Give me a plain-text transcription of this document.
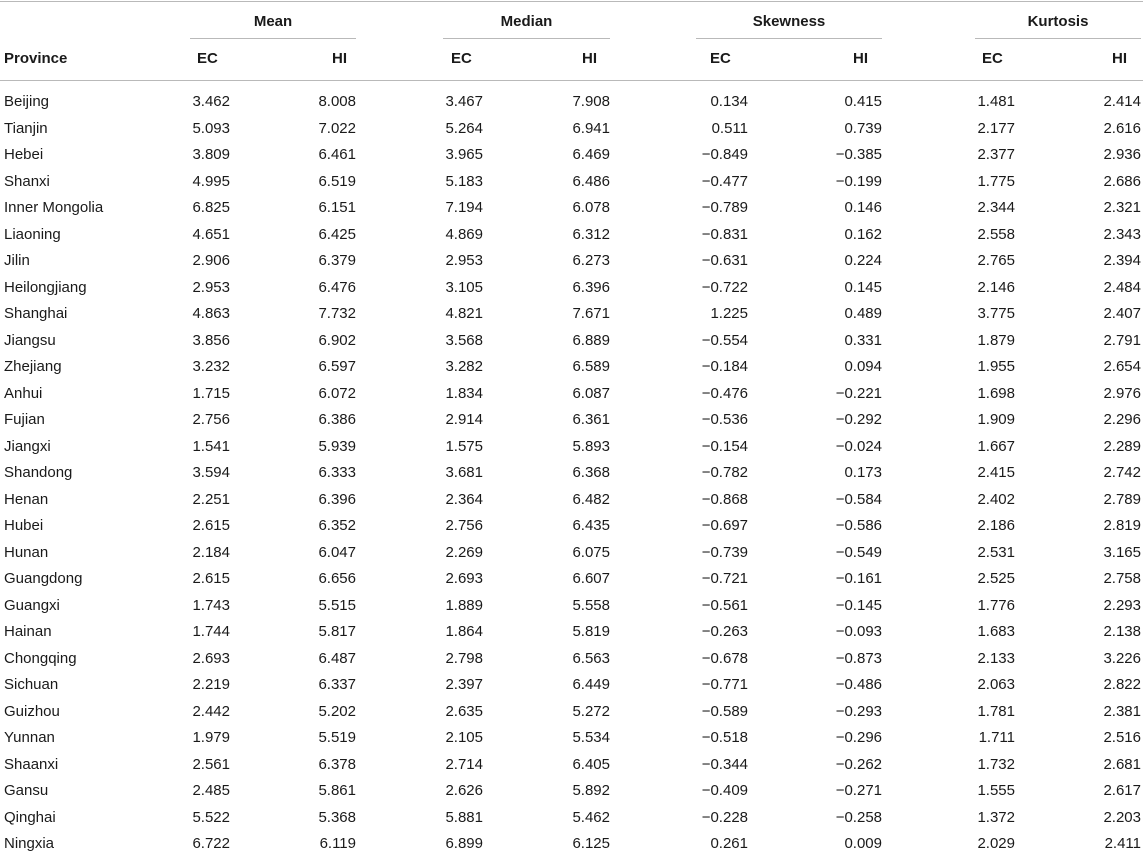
Mean	Median	Skewness	Kurtosis
Province	EC	HI	EC	HI	EC	HI	EC	HI
Beijing	3.462	8.008	3.467	7.908	0.134	0.415	1.481	2.414
Tianjin	5.093	7.022	5.264	6.941	0.511	0.739	2.177	2.616
Hebei	3.809	6.461	3.965	6.469	−0.849	−0.385	2.377	2.936
Shanxi	4.995	6.519	5.183	6.486	−0.477	−0.199	1.775	2.686
Inner Mongolia	6.825	6.151	7.194	6.078	−0.789	0.146	2.344	2.321
Liaoning	4.651	6.425	4.869	6.312	−0.831	0.162	2.558	2.343
Jilin	2.906	6.379	2.953	6.273	−0.631	0.224	2.765	2.394
Heilongjiang	2.953	6.476	3.105	6.396	−0.722	0.145	2.146	2.484
Shanghai	4.863	7.732	4.821	7.671	1.225	0.489	3.775	2.407
Jiangsu	3.856	6.902	3.568	6.889	−0.554	0.331	1.879	2.791
Zhejiang	3.232	6.597	3.282	6.589	−0.184	0.094	1.955	2.654
Anhui	1.715	6.072	1.834	6.087	−0.476	−0.221	1.698	2.976
Fujian	2.756	6.386	2.914	6.361	−0.536	−0.292	1.909	2.296
Jiangxi	1.541	5.939	1.575	5.893	−0.154	−0.024	1.667	2.289
Shandong	3.594	6.333	3.681	6.368	−0.782	0.173	2.415	2.742
Henan	2.251	6.396	2.364	6.482	−0.868	−0.584	2.402	2.789
Hubei	2.615	6.352	2.756	6.435	−0.697	−0.586	2.186	2.819
Hunan	2.184	6.047	2.269	6.075	−0.739	−0.549	2.531	3.165
Guangdong	2.615	6.656	2.693	6.607	−0.721	−0.161	2.525	2.758
Guangxi	1.743	5.515	1.889	5.558	−0.561	−0.145	1.776	2.293
Hainan	1.744	5.817	1.864	5.819	−0.263	−0.093	1.683	2.138
Chongqing	2.693	6.487	2.798	6.563	−0.678	−0.873	2.133	3.226
Sichuan	2.219	6.337	2.397	6.449	−0.771	−0.486	2.063	2.822
Guizhou	2.442	5.202	2.635	5.272	−0.589	−0.293	1.781	2.381
Yunnan	1.979	5.519	2.105	5.534	−0.518	−0.296	1.711	2.516
Shaanxi	2.561	6.378	2.714	6.405	−0.344	−0.262	1.732	2.681
Gansu	2.485	5.861	2.626	5.892	−0.409	−0.271	1.555	2.617
Qinghai	5.522	5.368	5.881	5.462	−0.228	−0.258	1.372	2.203
Ningxia	6.722	6.119	6.899	6.125	0.261	0.009	2.029	2.411
